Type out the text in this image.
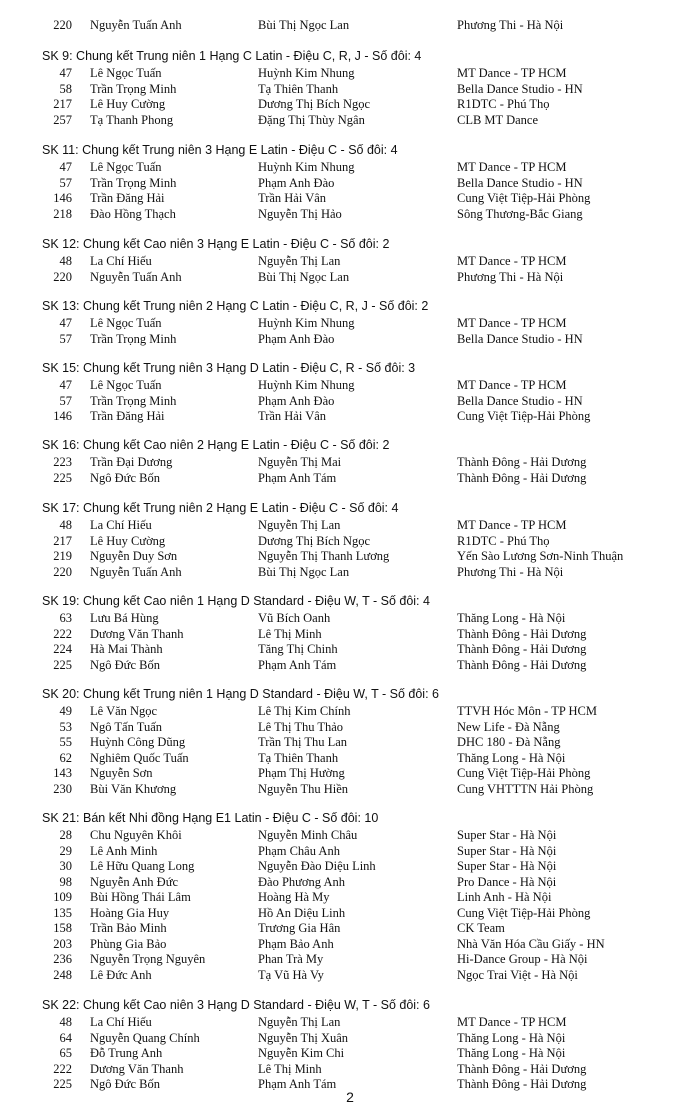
220 Nguyễn Tuấn Anh	Bùi Thị Ngọc Lan	Phương Thi - Hà Nội
SK 9: Chung kết Trung niên 1 Hạng C Latin - Điệu C, R, J - Số đôi: 4
47 Lê Ngọc Tuấn	Huỳnh Kim Nhung	MT Dance - TP HCM
58 Trần Trọng Minh	Tạ Thiên Thanh	Bella Dance Studio - HN
217 Lê Huy Cường	Dương Thị Bích Ngọc	R1DTC - Phú Thọ
257 Tạ Thanh Phong	Đặng Thị Thùy Ngân	CLB MT Dance
SK 11: Chung kết Trung niên 3 Hạng E Latin - Điệu C - Số đôi: 4
47 Lê Ngọc Tuấn	Huỳnh Kim Nhung	MT Dance - TP HCM
57 Trần Trọng Minh	Phạm Anh Đào	Bella Dance Studio - HN
146 Trần Đăng Hải	Trần Hải Vân	Cung Việt Tiệp-Hải Phòng
218 Đào Hồng Thạch	Nguyễn Thị Hảo	Sông Thương-Bắc Giang
SK 12: Chung kết Cao niên 3 Hạng E Latin - Điệu C - Số đôi: 2
48 La Chí Hiếu	Nguyễn Thị Lan	MT Dance - TP HCM
220 Nguyễn Tuấn Anh	Bùi Thị Ngọc Lan	Phương Thi - Hà Nội
SK 13: Chung kết Trung niên 2 Hạng C Latin - Điệu C, R, J - Số đôi: 2
47 Lê Ngọc Tuấn	Huỳnh Kim Nhung	MT Dance - TP HCM
57 Trần Trọng Minh	Phạm Anh Đào	Bella Dance Studio - HN
SK 15: Chung kết Trung niên 3 Hạng D Latin - Điệu C, R - Số đôi: 3
47 Lê Ngọc Tuấn	Huỳnh Kim Nhung	MT Dance - TP HCM
57 Trần Trọng Minh	Phạm Anh Đào	Bella Dance Studio - HN
146 Trần Đăng Hải	Trần Hải Vân	Cung Việt Tiệp-Hải Phòng
SK 16: Chung kết Cao niên 2 Hạng E Latin - Điệu C - Số đôi: 2
223 Trần Đại Dương	Nguyễn Thị Mai	Thành Đông - Hải Dương
225 Ngô Đức Bốn	Phạm Anh Tám	Thành Đông - Hải Dương
SK 17: Chung kết Trung niên 2 Hạng E Latin - Điệu C - Số đôi: 4
48 La Chí Hiếu	Nguyễn Thị Lan	MT Dance - TP HCM
217 Lê Huy Cường	Dương Thị Bích Ngọc	R1DTC - Phú Thọ
219 Nguyễn Duy Sơn	Nguyễn Thị Thanh Lương	Yến Sào Lương Sơn-Ninh Thuận
220 Nguyễn Tuấn Anh	Bùi Thị Ngọc Lan	Phương Thi - Hà Nội
SK 19: Chung kết Cao niên 1 Hạng D Standard - Điệu W, T - Số đôi: 4
63 Lưu Bá Hùng	Vũ Bích Oanh	Thăng Long - Hà Nội
222 Dương Văn Thanh	Lê Thị Minh	Thành Đông - Hải Dương
224 Hà Mai Thành	Tăng Thị Chinh	Thành Đông - Hải Dương
225 Ngô Đức Bốn	Phạm Anh Tám	Thành Đông - Hải Dương
SK 20: Chung kết Trung niên 1 Hạng D Standard - Điệu W, T - Số đôi: 6
49 Lê Văn Ngọc	Lê Thị Kim Chính	TTVH Hóc Môn - TP HCM
53 Ngô Tấn Tuấn	Lê Thị Thu Thảo	New Life - Đà Nẵng
55 Huỳnh Công Dũng	Trần Thị Thu Lan	DHC 180 - Đà Nẵng
62 Nghiêm Quốc Tuấn	Tạ Thiên Thanh	Thăng Long - Hà Nội
143 Nguyễn Sơn	Phạm Thị Hường	Cung Việt Tiệp-Hải Phòng
230 Bùi Văn Khương	Nguyễn Thu Hiền	Cung VHTTTN Hải Phòng
SK 21: Bán kết Nhi đồng Hạng E1 Latin - Điệu C - Số đôi: 10
28 Chu Nguyên Khôi	Nguyễn Minh Châu	Super Star - Hà Nội
29 Lê Anh Minh	Phạm Châu Anh	Super Star - Hà Nội
30 Lê Hữu Quang Long	Nguyễn Đào Diệu Linh	Super Star - Hà Nội
98 Nguyễn Anh Đức	Đào Phương Anh	Pro Dance - Hà Nội
109 Bùi Hồng Thái Lâm	Hoàng Hà My	Linh Anh - Hà Nội
135 Hoàng Gia Huy	Hồ An Diệu Linh	Cung Việt Tiệp-Hải Phòng
158 Trần Bảo Minh	Trương Gia Hân	CK Team
203 Phùng Gia Bảo	Phạm Bảo Anh	Nhà Văn Hóa Cầu Giấy - HN
236 Nguyễn Trọng Nguyên	Phan Trà My	Hi-Dance Group - Hà Nội
248 Lê Đức Anh	Tạ Vũ Hà Vy	Ngọc Trai Việt - Hà Nội
SK 22: Chung kết Cao niên 3 Hạng D Standard - Điệu W, T - Số đôi: 6
48 La Chí Hiếu	Nguyễn Thị Lan	MT Dance - TP HCM
64 Nguyễn Quang Chính	Nguyễn Thị Xuân	Thăng Long - Hà Nội
65 Đỗ Trung Anh	Nguyễn Kim Chi	Thăng Long - Hà Nội
222 Dương Văn Thanh	Lê Thị Minh	Thành Đông - Hải Dương
225 Ngô Đức Bốn	Phạm Anh Tám	Thành Đông - Hải Dương
2
